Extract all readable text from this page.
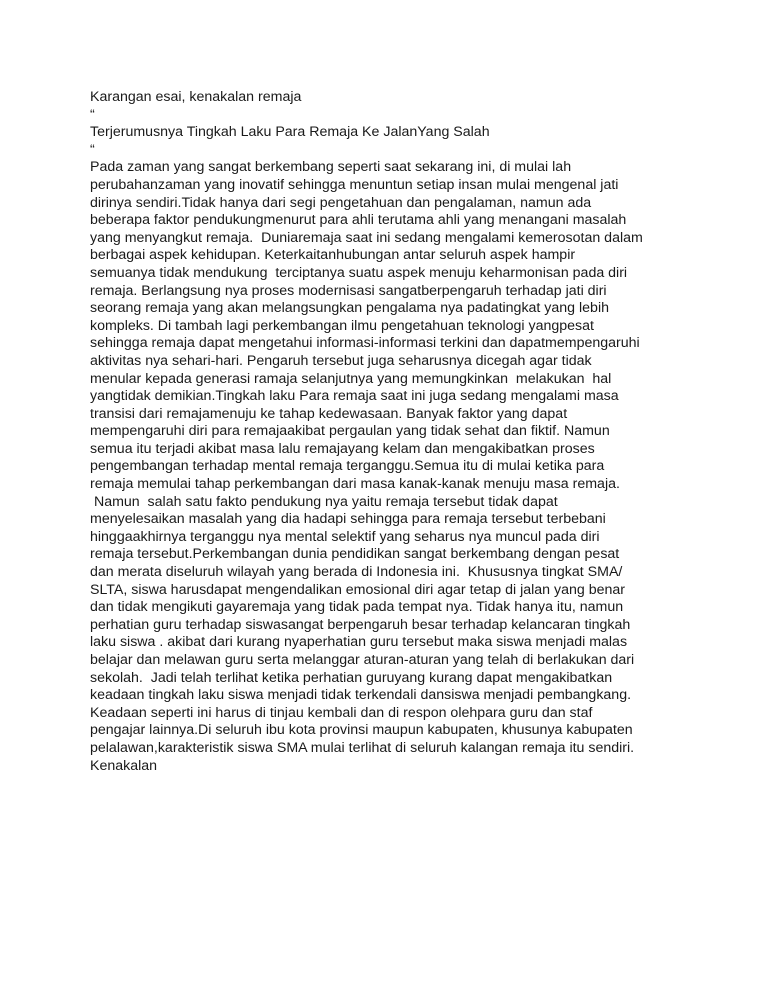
Karangan esai, kenakalan remaja
“
Terjerumusnya Tingkah Laku Para Remaja Ke JalanYang Salah
“
Pada zaman yang sangat berkembang seperti saat sekarang ini, di mulai lah
perubahanzaman yang inovatif sehingga menuntun setiap insan mulai mengenal jati
dirinya sendiri.Tidak hanya dari segi pengetahuan dan pengalaman, namun ada
beberapa faktor pendukungmenurut para ahli terutama ahli yang menangani masalah
yang menyangkut remaja.  Duniaremaja saat ini sedang mengalami kemerosotan dalam
berbagai aspek kehidupan. Keterkaitanhubungan antar seluruh aspek hampir
semuanya tidak mendukung  terciptanya suatu aspek menuju keharmonisan pada diri
remaja. Berlangsung nya proses modernisasi sangatberpengaruh terhadap jati diri
seorang remaja yang akan melangsungkan pengalama nya padatingkat yang lebih
kompleks. Di tambah lagi perkembangan ilmu pengetahuan teknologi yangpesat
sehingga remaja dapat mengetahui informasi-informasi terkini dan dapatmempengaruhi
aktivitas nya sehari-hari. Pengaruh tersebut juga seharusnya dicegah agar tidak
menular kepada generasi ramaja selanjutnya yang memungkinkan  melakukan  hal
yangtidak demikian.Tingkah laku Para remaja saat ini juga sedang mengalami masa
transisi dari remajamenuju ke tahap kedewasaan. Banyak faktor yang dapat
mempengaruhi diri para remajaakibat pergaulan yang tidak sehat dan fiktif. Namun
semua itu terjadi akibat masa lalu remajayang kelam dan mengakibatkan proses
pengembangan terhadap mental remaja terganggu.Semua itu di mulai ketika para
remaja memulai tahap perkembangan dari masa kanak-kanak menuju masa remaja.
Namun  salah satu fakto pendukung nya yaitu remaja tersebut tidak dapat
menyelesaikan masalah yang dia hadapi sehingga para remaja tersebut terbebani
hinggaakhirnya terganggu nya mental selektif yang seharus nya muncul pada diri
remaja tersebut.Perkembangan dunia pendidikan sangat berkembang dengan pesat
dan merata diseluruh wilayah yang berada di Indonesia ini.  Khususnya tingkat SMA/
SLTA, siswa harusdapat mengendalikan emosional diri agar tetap di jalan yang benar
dan tidak mengikuti gayaremaja yang tidak pada tempat nya. Tidak hanya itu, namun
perhatian guru terhadap siswasangat berpengaruh besar terhadap kelancaran tingkah
laku siswa . akibat dari kurang nyaperhatian guru tersebut maka siswa menjadi malas
belajar dan melawan guru serta melanggar aturan-aturan yang telah di berlakukan dari
sekolah.  Jadi telah terlihat ketika perhatian guruyang kurang dapat mengakibatkan
keadaan tingkah laku siswa menjadi tidak terkendali dansiswa menjadi pembangkang.
Keadaan seperti ini harus di tinjau kembali dan di respon olehpara guru dan staf
pengajar lainnya.Di seluruh ibu kota provinsi maupun kabupaten, khusunya kabupaten
pelalawan,karakteristik siswa SMA mulai terlihat di seluruh kalangan remaja itu sendiri.
Kenakalan
